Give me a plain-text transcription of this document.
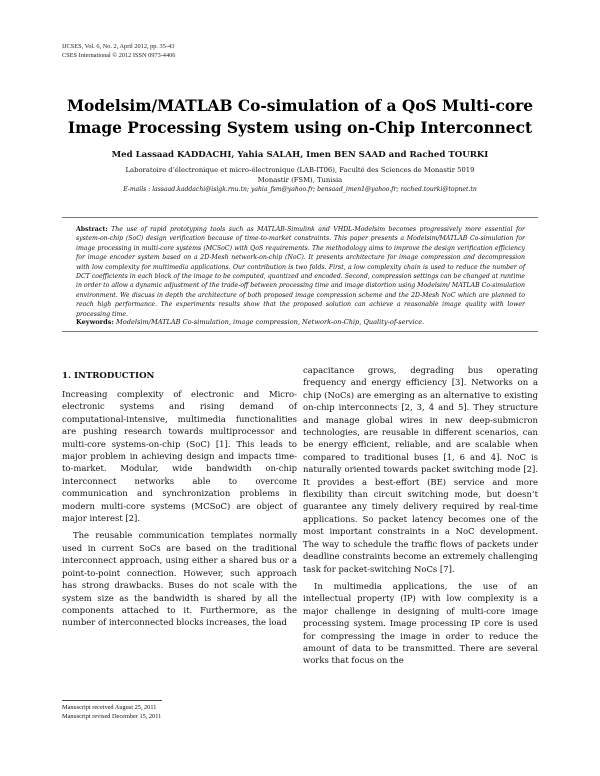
IJCSES, Vol. 6, No. 2, April 2012, pp. 35-43
CSES International © 2012 ISSN 0973-4406
Modelsim/MATLAB Co-simulation of a QoS Multi-core
Image Processing System using on-Chip Interconnect
Med Lassaad KADDACHI, Yahia SALAH, Imen BEN SAAD and Rached TOURKI
Laboratoire d’électronique et micro-électronique (LAB-IT06), Faculté des Sciences de Monastir 5019
Monastir (FSM), Tunisia
E-mails : lassaad.kaddachi@isigk.rnu.tn; yahia_fsm@yahoo.fr; bensaad_imen1@yahoo.fr; rached.tourki@topnet.tn

Abstract: The use of rapid prototyping tools such as MATLAB-Simulink and VHDL-Modelsim becomes progressively more essential for system-on-chip (SoC) design verification because of time-to-market constraints. This paper presents a Modelsim/MATLAB Co-simulation for image processing in multi-core systems (MCSoC) with QoS requirements. The methodology aims to improve the design verification efficiency for image encoder system based on a 2D-Mesh network-on-chip (NoC). It presents architecture for image compression and decompression with low complexity for multimedia applications. Our contribution is two folds. First, a low complexity chain is used to reduce the number of DCT coefficients in each block of the image to be computed, quantized and encoded. Second, compression settings can be changed at runtime in order to allow a dynamic adjustment of the trade-off between processing time and image distortion using Modelsim/ MATLAB Co-simulation environment. We discuss in depth the architecture of both proposed image compression scheme and the 2D-Mesh NoC which are planned to reach high performance. The experiments results show that the proposed solution can achieve a reasonable image quality with lower processing time.

Keywords: Modelsim/MATLAB Co-simulation, image compression, Network-on-Chip, Quality-of-service.

1. INTRODUCTION

Increasing complexity of electronic and Micro-electronic systems and rising demand of computational-intensive, multimedia functionalities are pushing research towards multiprocessor and multi-core systems-on-chip (SoC) [1]. This leads to major problem in achieving design and impacts time-to-market. Modular, wide bandwidth on-chip interconnect networks able to overcome communication and synchronization problems in modern multi-core systems (MCSoC) are object of major interest [2].

The reusable communication templates normally used in current SoCs are based on the traditional interconnect approach, using either a shared bus or a point-to-point connection. However, such approach has strong drawbacks. Buses do not scale with the system size as the bandwidth is shared by all the components attached to it. Furthermore, as the number of interconnected blocks increases, the load

capacitance grows, degrading bus operating frequency and energy efficiency [3]. Networks on a chip (NoCs) are emerging as an alternative to existing on-chip interconnects [2, 3, 4 and 5]. They structure and manage global wires in new deep-submicron technologies, are reusable in different scenarios, can be energy efficient, reliable, and are scalable when compared to traditional buses [1, 6 and 4]. NoC is naturally oriented towards packet switching mode [2]. It provides a best-effort (BE) service and more flexibility than circuit switching mode, but doesn’t guarantee any timely delivery required by real-time applications. So packet latency becomes one of the most important constraints in a NoC development. The way to schedule the traffic flows of packets under deadline constraints become an extremely challenging task for packet-switching NoCs [7].

In multimedia applications, the use of an intellectual property (IP) with low complexity is a major challenge in designing of multi-core image processing system. Image processing IP core is used for compressing the image in order to reduce the amount of data to be transmitted. There are several works that focus on the

Manuscript received August 25, 2011
Manuscript revised December 15, 2011
